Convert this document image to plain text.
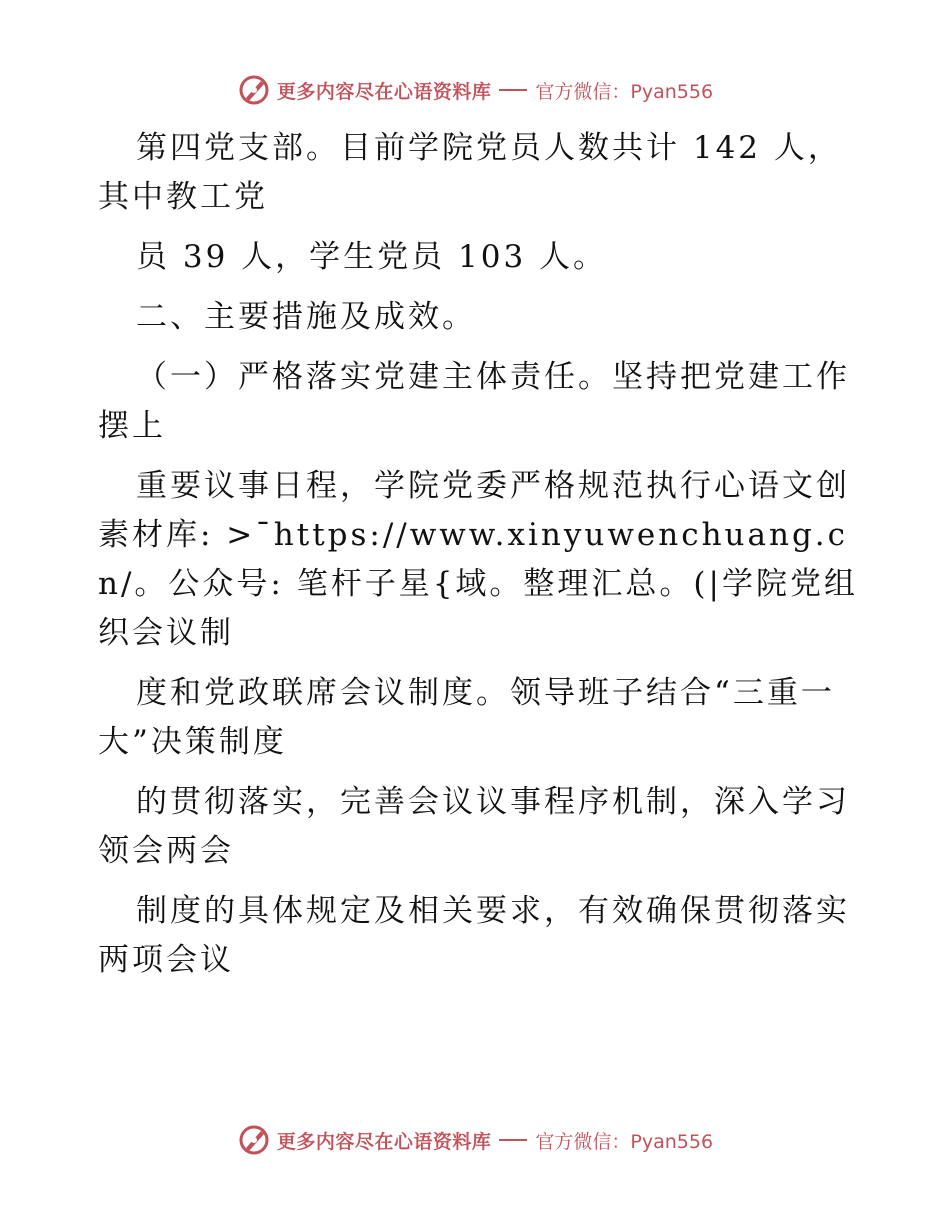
更多内容尽在心语资料库 官方微信：Pyan556

第四党支部。目前学院党员人数共计 142 人，其中教工党

员 39 人，学生党员 103 人。

二、主要措施及成效。

（一）严格落实党建主体责任。坚持把党建工作摆上

重要议事日程，学院党委严格规范执行心语文创素材库: >¯https://www.xinyuwenchuang.cn/。公众号: 笔杆子星{域。整理汇总。(|学院党组织会议制

度和党政联席会议制度。领导班子结合“三重一大”决策制度

的贯彻落实，完善会议议事程序机制，深入学习领会两会

制度的具体规定及相关要求，有效确保贯彻落实两项会议

更多内容尽在心语资料库 官方微信：Pyan556
